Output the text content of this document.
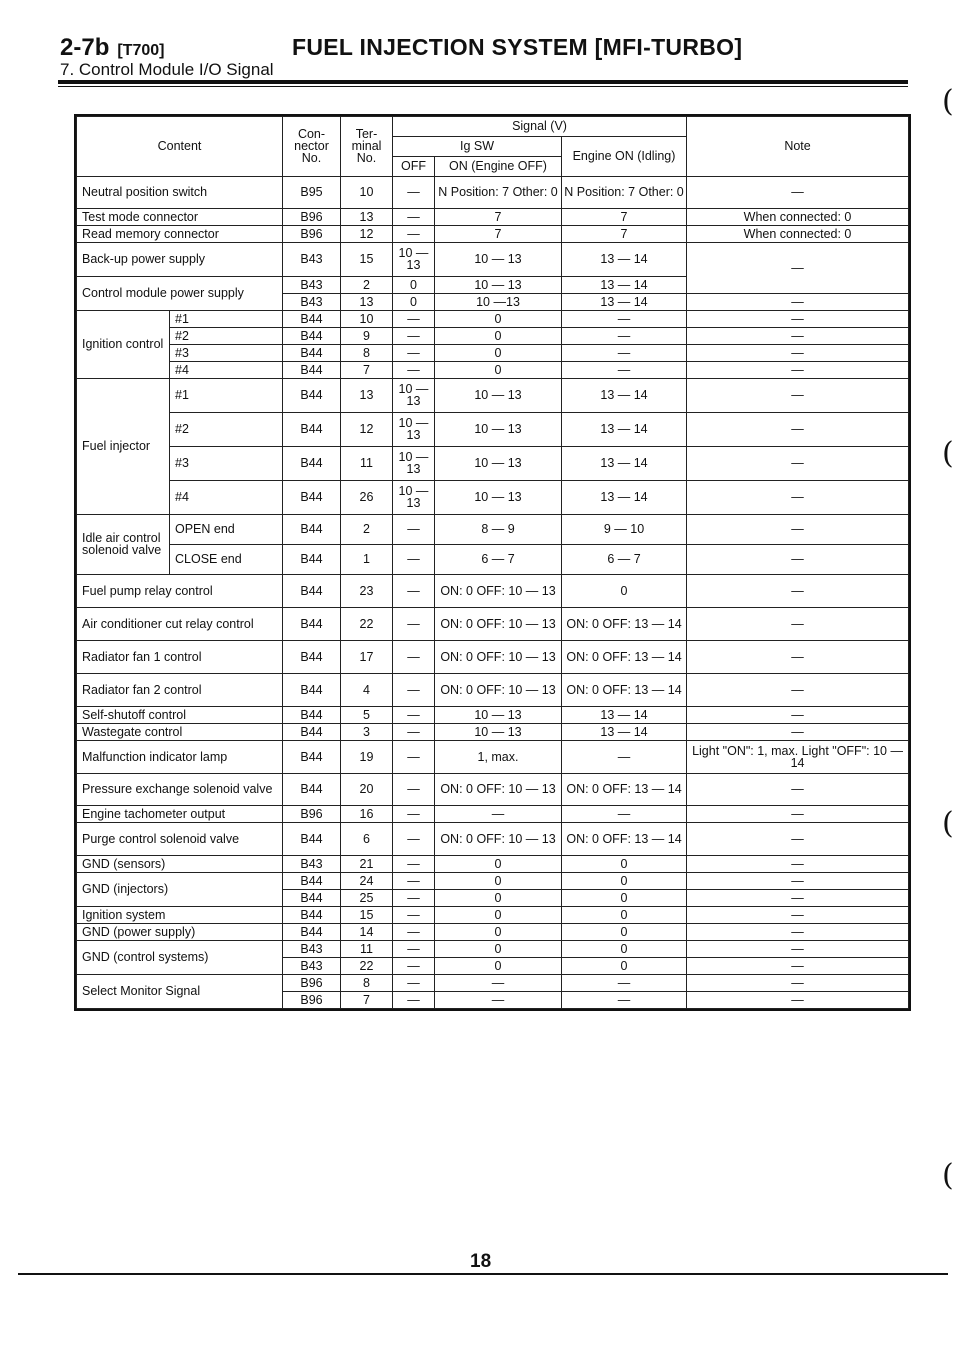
2-7b [T700]	FUEL INJECTION SYSTEM [MFI-TURBO]
7. Control Module I/O Signal
(
(
(
(
Content		Con- nector No.	Ter- minal No.	Signal (V)			Note
				Ig SW		Engine ON (Idling)	
				OFF	ON (Engine OFF)		
Neutral position switch		B95	10	—	N Position: 7 Other: 0	N Position: 7 Other: 0	—
Test mode connector		B96	13	—	7	7	When connected: 0
Read memory connector		B96	12	—	7	7	When connected: 0
Back-up power supply		B43	15	10 — 13	10 — 13	13 — 14	—
Control module power supply		B43	2	0	10 — 13	13 — 14	
		B43	13	0	10 —13	13 — 14	—
Ignition control	#1	B44	10	—	0	—	—
	#2	B44	9	—	0	—	—
	#3	B44	8	—	0	—	—
	#4	B44	7	—	0	—	—
Fuel injector	#1	B44	13	10 — 13	10 — 13	13 — 14	—
	#2	B44	12	10 — 13	10 — 13	13 — 14	—
	#3	B44	11	10 — 13	10 — 13	13 — 14	—
	#4	B44	26	10 — 13	10 — 13	13 — 14	—
Idle air control solenoid valve	OPEN end	B44	2	—	8 — 9	9 — 10	—
	CLOSE end	B44	1	—	6 — 7	6 — 7	—
Fuel pump relay control		B44	23	—	ON: 0 OFF: 10 — 13	0	—
Air conditioner cut relay control		B44	22	—	ON: 0 OFF: 10 — 13	ON: 0 OFF: 13 — 14	—
Radiator fan 1 control		B44	17	—	ON: 0 OFF: 10 — 13	ON: 0 OFF: 13 — 14	—
Radiator fan 2 control		B44	4	—	ON: 0 OFF: 10 — 13	ON: 0 OFF: 13 — 14	—
Self-shutoff control		B44	5	—	10 — 13	13 — 14	—
Wastegate control		B44	3	—	10 — 13	13 — 14	—
Malfunction indicator lamp		B44	19	—	1, max.	—	Light "ON": 1, max. Light "OFF": 10 — 14
Pressure exchange solenoid valve		B44	20	—	ON: 0 OFF: 10 — 13	ON: 0 OFF: 13 — 14	—
Engine tachometer output		B96	16	—	—	—	—
Purge control solenoid valve		B44	6	—	ON: 0 OFF: 10 — 13	ON: 0 OFF: 13 — 14	—
GND (sensors)		B43	21	—	0	0	—
GND (injectors)		B44	24	—	0	0	—
		B44	25	—	0	0	—
Ignition system		B44	15	—	0	0	—
GND (power supply)		B44	14	—	0	0	—
GND (control systems)		B43	11	—	0	0	—
		B43	22	—	0	0	—
Select Monitor Signal		B96	8	—	—	—	—
		B96	7	—	—	—	—
18
